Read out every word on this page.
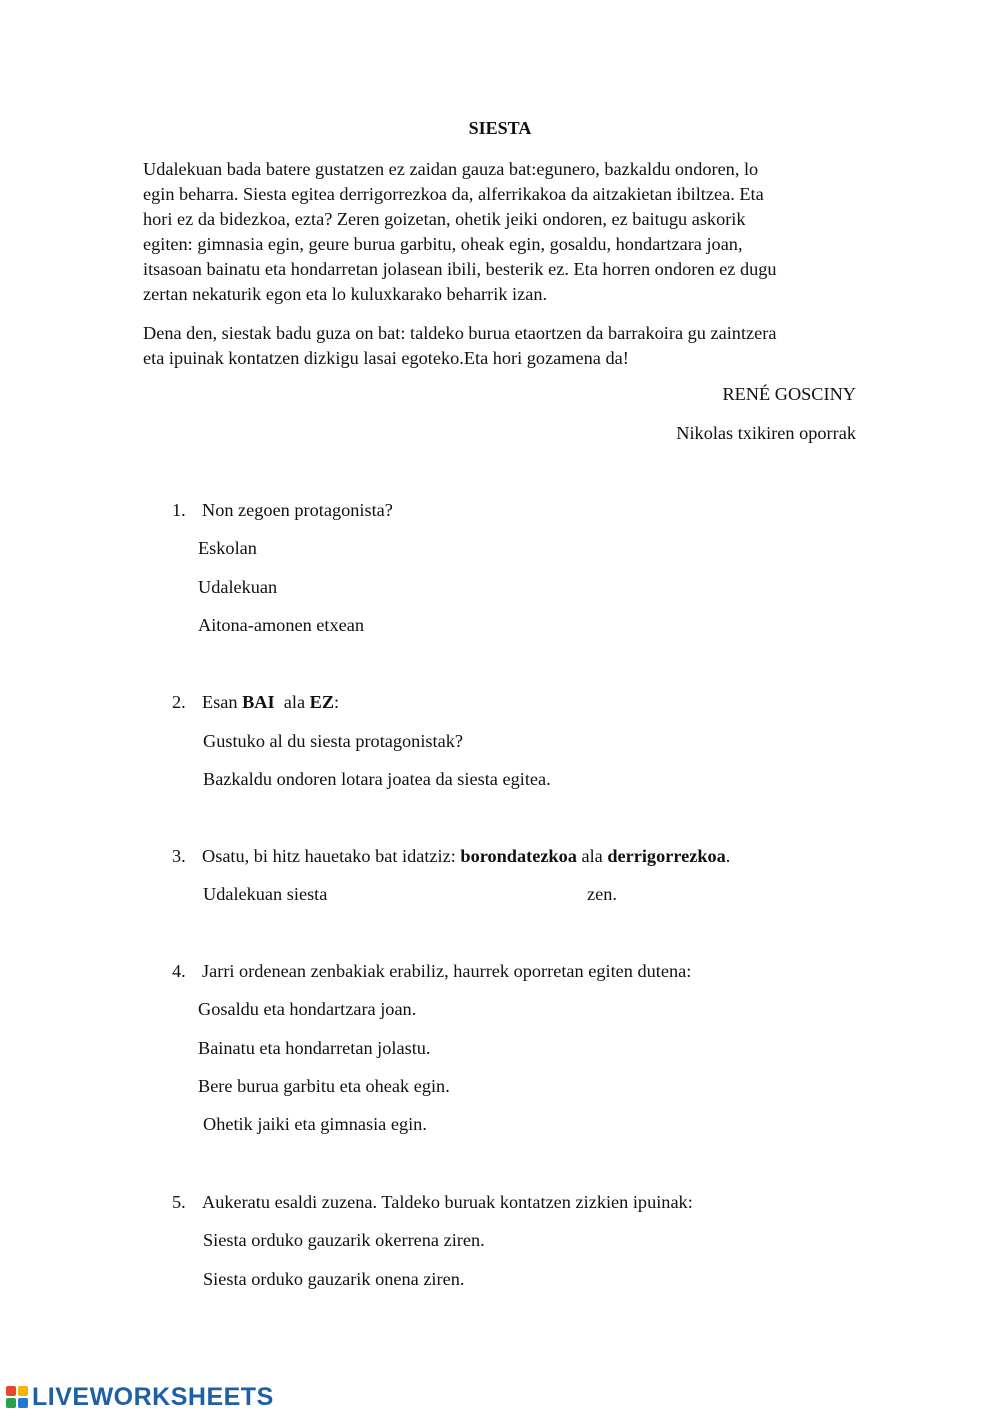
SIESTA
Udalekuan bada batere gustatzen ez zaidan gauza bat:egunero, bazkaldu ondoren, lo
egin beharra. Siesta egitea derrigorrezkoa da, alferrikakoa da aitzakietan ibiltzea. Eta
hori ez da bidezkoa, ezta? Zeren goizetan, ohetik jeiki ondoren, ez baitugu askorik
egiten: gimnasia egin, geure burua garbitu, oheak egin, gosaldu, hondartzara joan,
itsasoan bainatu eta hondarretan jolasean ibili, besterik ez. Eta horren ondoren ez dugu
zertan nekaturik egon eta lo kuluxkarako beharrik izan.
Dena den, siestak badu guza on bat: taldeko burua etaortzen da barrakoira gu zaintzera
eta ipuinak kontatzen dizkigu lasai egoteko.Eta hori gozamena da!
RENÉ GOSCINY
Nikolas txikiren oporrak
1. Non zegoen protagonista?
Eskolan
Udalekuan
Aitona-amonen etxean
2. Esan BAI  ala EZ:
Gustuko al du siesta protagonistak?
Bazkaldu ondoren lotara joatea da siesta egitea.
3. Osatu, bi hitz hauetako bat idatziz: borondatezkoa ala derrigorrezkoa.
Udalekuan siesta	zen.
4. Jarri ordenean zenbakiak erabiliz, haurrek oporretan egiten dutena:
Gosaldu eta hondartzara joan.
Bainatu eta hondarretan jolastu.
Bere burua garbitu eta oheak egin.
Ohetik jaiki eta gimnasia egin.
5. Aukeratu esaldi zuzena. Taldeko buruak kontatzen zizkien ipuinak:
Siesta orduko gauzarik okerrena ziren.
Siesta orduko gauzarik onena ziren.
LIVEWORKSHEETS
